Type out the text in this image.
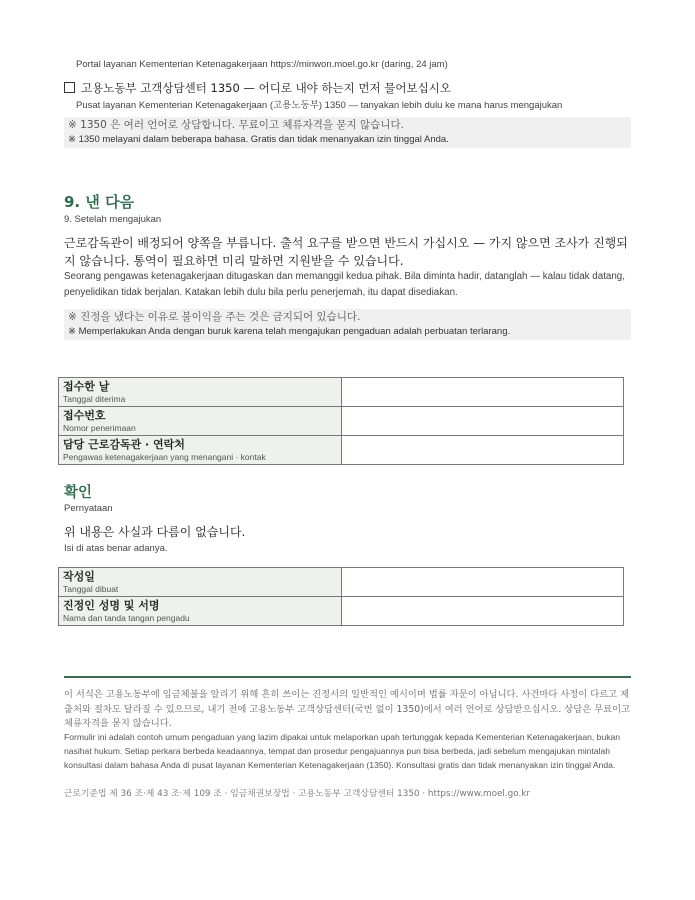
Portal layanan Kementerian Ketenagakerjaan https://minwon.moel.go.kr (daring, 24 jam)
고용노동부 고객상담센터 1350 — 어디로 내야 하는지 먼저 물어보십시오
Pusat layanan Kementerian Ketenagakerjaan (고용노동부) 1350 — tanyakan lebih dulu ke mana harus mengajukan
※ 1350 은 여러 언어로 상담합니다. 무료이고 체류자격을 묻지 않습니다.
※ 1350 melayani dalam beberapa bahasa. Gratis dan tidak menanyakan izin tinggal Anda.
9. 낸 다음
9. Setelah mengajukan
근로감독관이 배정되어 양쪽을 부릅니다. 출석 요구를 받으면 반드시 가십시오 — 가지 않으면 조사가 진행되지 않습니다. 통역이 필요하면 미리 말하면 지원받을 수 있습니다.
Seorang pengawas ketenagakerjaan ditugaskan dan memanggil kedua pihak. Bila diminta hadir, datanglah — kalau tidak datang, penyelidikan tidak berjalan. Katakan lebih dulu bila perlu penerjemah, itu dapat disediakan.
※ 진정을 냈다는 이유로 불이익을 주는 것은 금지되어 있습니다.
※ Memperlakukan Anda dengan buruk karena telah mengajukan pengaduan adalah perbuatan terlarang.
접수한 날
Tanggal diterima	

접수번호
Nomor penerimaan	

담당 근로감독관 · 연락처
Pengawas ketenagakerjaan yang menangani · kontak	

확인
Pernyataan
위 내용은 사실과 다름이 없습니다.
Isi di atas benar adanya.
작성일
Tanggal dibuat	

진정인 성명 및 서명
Nama dan tanda tangan pengadu	

이 서식은 고용노동부에 임금체불을 알리기 위해 흔히 쓰이는 진정서의 일반적인 예시이며 법률 자문이 아닙니다. 사건마다 사정이 다르고 제출처와 절차도 달라질 수 있으므로, 내기 전에 고용노동부 고객상담센터(국번 없이 1350)에서 여러 언어로 상담받으십시오. 상담은 무료이고 체류자격을 묻지 않습니다.
Formulir ini adalah contoh umum pengaduan yang lazim dipakai untuk melaporkan upah tertunggak kepada Kementerian Ketenagakerjaan, bukan nasihat hukum. Setiap perkara berbeda keadaannya, tempat dan prosedur pengajuannya pun bisa berbeda, jadi sebelum mengajukan mintalah konsultasi dalam bahasa Anda di pusat layanan Kementerian Ketenagakerjaan (1350). Konsultasi gratis dan tidak menanyakan izin tinggal Anda.
근로기준법 제 36 조·제 43 조·제 109 조 · 임금채권보장법 · 고용노동부 고객상담센터 1350 · https://www.moel.go.kr
